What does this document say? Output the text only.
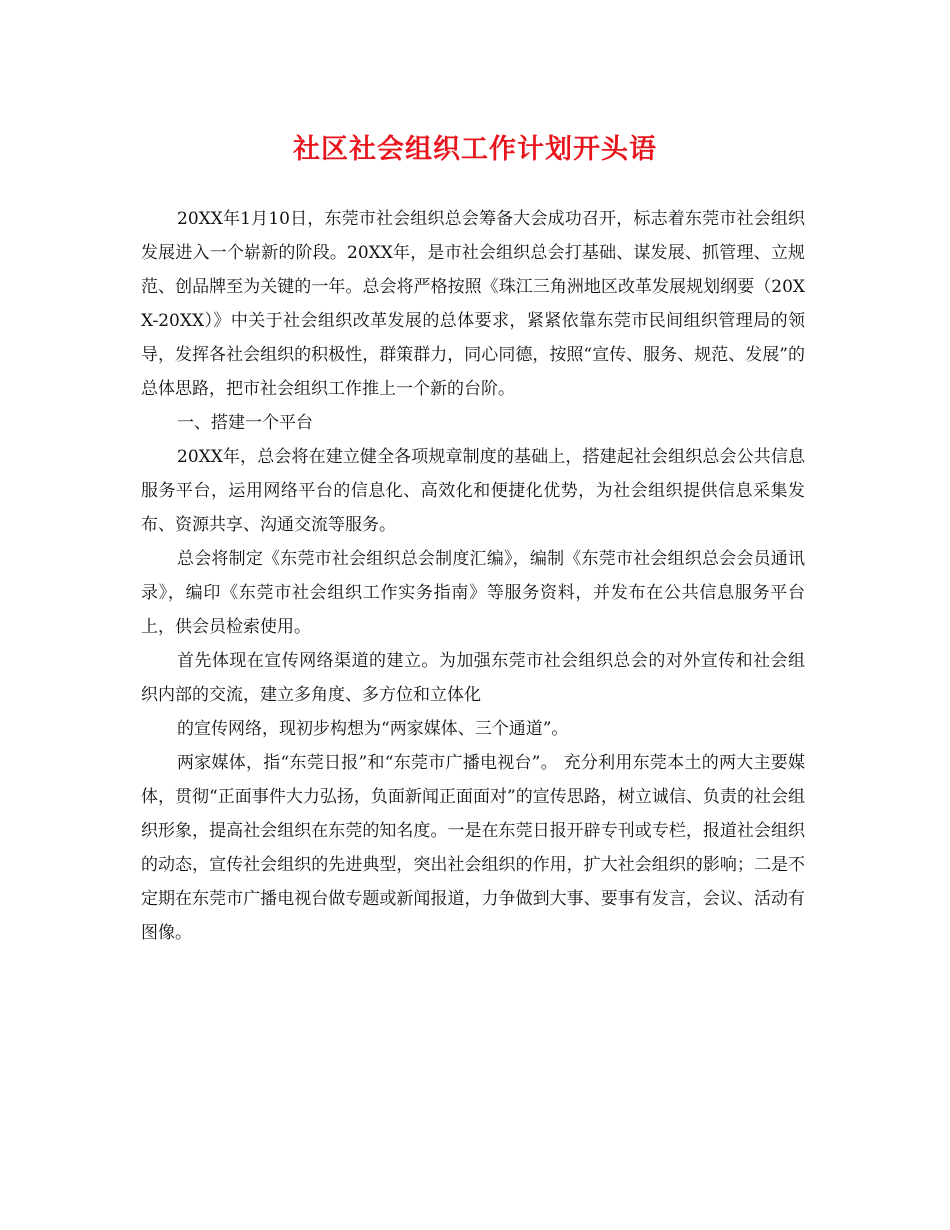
社区社会组织工作计划开头语

20XX年1月10日，东莞市社会组织总会筹备大会成功召开，标志着东莞市社会组织发展进入一个崭新的阶段。20XX年，是市社会组织总会打基础、谋发展、抓管理、立规范、创品牌至为关键的一年。总会将严格按照《珠江三角洲地区改革发展规划纲要（20XX-20XX）》中关于社会组织改革发展的总体要求，紧紧依靠东莞市民间组织管理局的领导，发挥各社会组织的积极性，群策群力，同心同德，按照“宣传、服务、规范、发展”的总体思路，把市社会组织工作推上一个新的台阶。

一、搭建一个平台

20XX年，总会将在建立健全各项规章制度的基础上，搭建起社会组织总会公共信息服务平台，运用网络平台的信息化、高效化和便捷化优势，为社会组织提供信息采集发布、资源共享、沟通交流等服务。

总会将制定《东莞市社会组织总会制度汇编》，编制《东莞市社会组织总会会员通讯录》，编印《东莞市社会组织工作实务指南》等服务资料，并发布在公共信息服务平台上，供会员检索使用。

首先体现在宣传网络渠道的建立。为加强东莞市社会组织总会的对外宣传和社会组织内部的交流，建立多角度、多方位和立体化

的宣传网络，现初步构想为“两家媒体、三个通道”。

两家媒体，指“东莞日报”和“东莞市广播电视台”。 充分利用东莞本土的两大主要媒体，贯彻“正面事件大力弘扬，负面新闻正面面对”的宣传思路，树立诚信、负责的社会组织形象，提高社会组织在东莞的知名度。一是在东莞日报开辟专刊或专栏，报道社会组织的动态，宣传社会组织的先进典型，突出社会组织的作用，扩大社会组织的影响；二是不定期在东莞市广播电视台做专题或新闻报道，力争做到大事、要事有发言，会议、活动有图像。
